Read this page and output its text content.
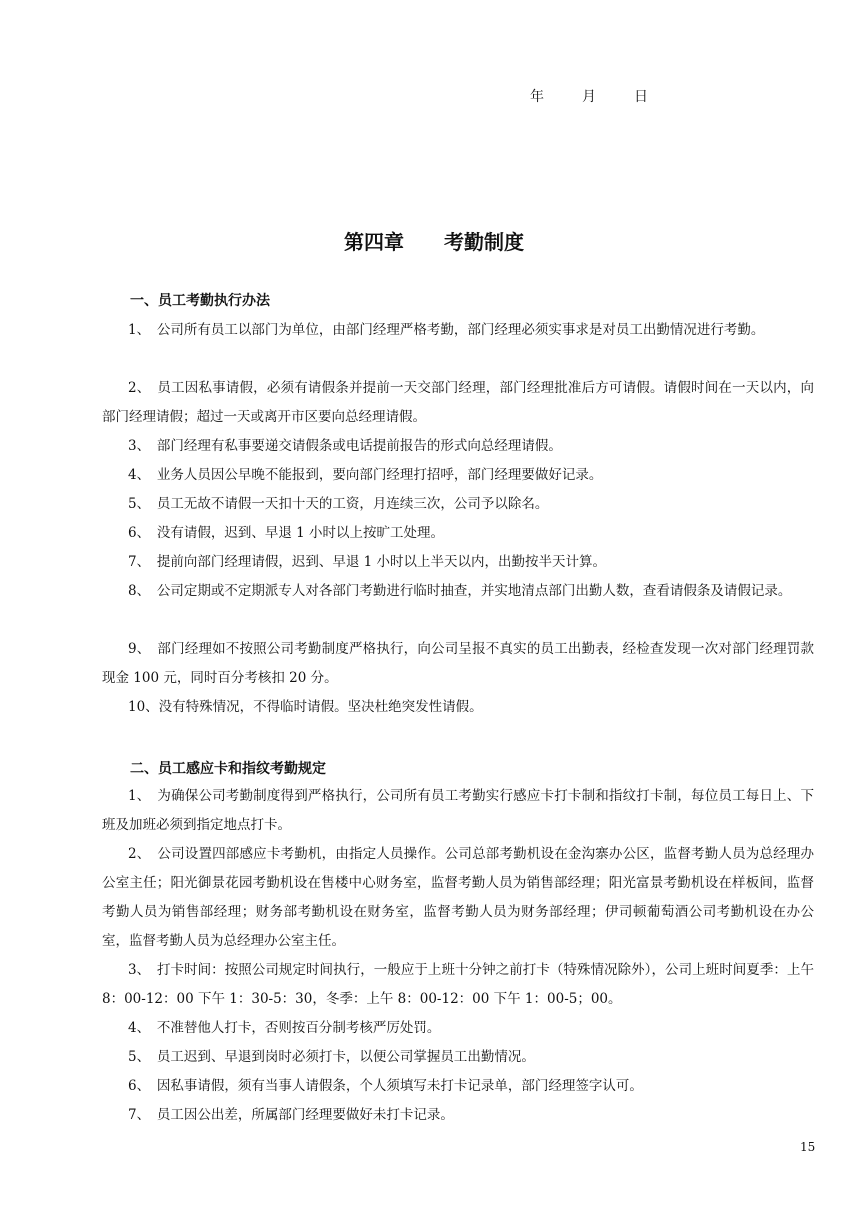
年	月	日
第四章 考勤制度
一、员工考勤执行办法
1、　公司所有员工以部门为单位，由部门经理严格考勤，部门经理必须实事求是对员工出勤情况进行考勤。
2、　员工因私事请假，必须有请假条并提前一天交部门经理，部门经理批准后方可请假。请假时间在一天以内，向部门经理请假；超过一天或离开市区要向总经理请假。
3、　部门经理有私事要递交请假条或电话提前报告的形式向总经理请假。
4、　业务人员因公早晚不能报到，要向部门经理打招呼，部门经理要做好记录。
5、　员工无故不请假一天扣十天的工资，月连续三次，公司予以除名。
6、　没有请假，迟到、早退 1 小时以上按旷工处理。
7、　提前向部门经理请假，迟到、早退 1 小时以上半天以内，出勤按半天计算。
8、　公司定期或不定期派专人对各部门考勤进行临时抽查，并实地清点部门出勤人数，查看请假条及请假记录。
9、　部门经理如不按照公司考勤制度严格执行，向公司呈报不真实的员工出勤表，经检查发现一次对部门经理罚款现金 100 元，同时百分考核扣 20 分。
10、没有特殊情况，不得临时请假。坚决杜绝突发性请假。
二、员工感应卡和指纹考勤规定
1、　为确保公司考勤制度得到严格执行，公司所有员工考勤实行感应卡打卡制和指纹打卡制，每位员工每日上、下班及加班必须到指定地点打卡。
2、　公司设置四部感应卡考勤机，由指定人员操作。公司总部考勤机设在金沟寨办公区，监督考勤人员为总经理办公室主任；阳光御景花园考勤机设在售楼中心财务室，监督考勤人员为销售部经理；阳光富景考勤机设在样板间，监督考勤人员为销售部经理；财务部考勤机设在财务室，监督考勤人员为财务部经理；伊司顿葡萄酒公司考勤机设在办公室，监督考勤人员为总经理办公室主任。
3、　打卡时间：按照公司规定时间执行，一般应于上班十分钟之前打卡（特殊情况除外），公司上班时间夏季：上午 8：00-12：00 下午 1：30-5：30，冬季：上午 8：00-12：00 下午 1：00-5；00。
4、　不准替他人打卡，否则按百分制考核严厉处罚。
5、　员工迟到、早退到岗时必须打卡，以便公司掌握员工出勤情况。
6、　因私事请假，须有当事人请假条，个人须填写未打卡记录单，部门经理签字认可。
7、　员工因公出差，所属部门经理要做好未打卡记录。
15
